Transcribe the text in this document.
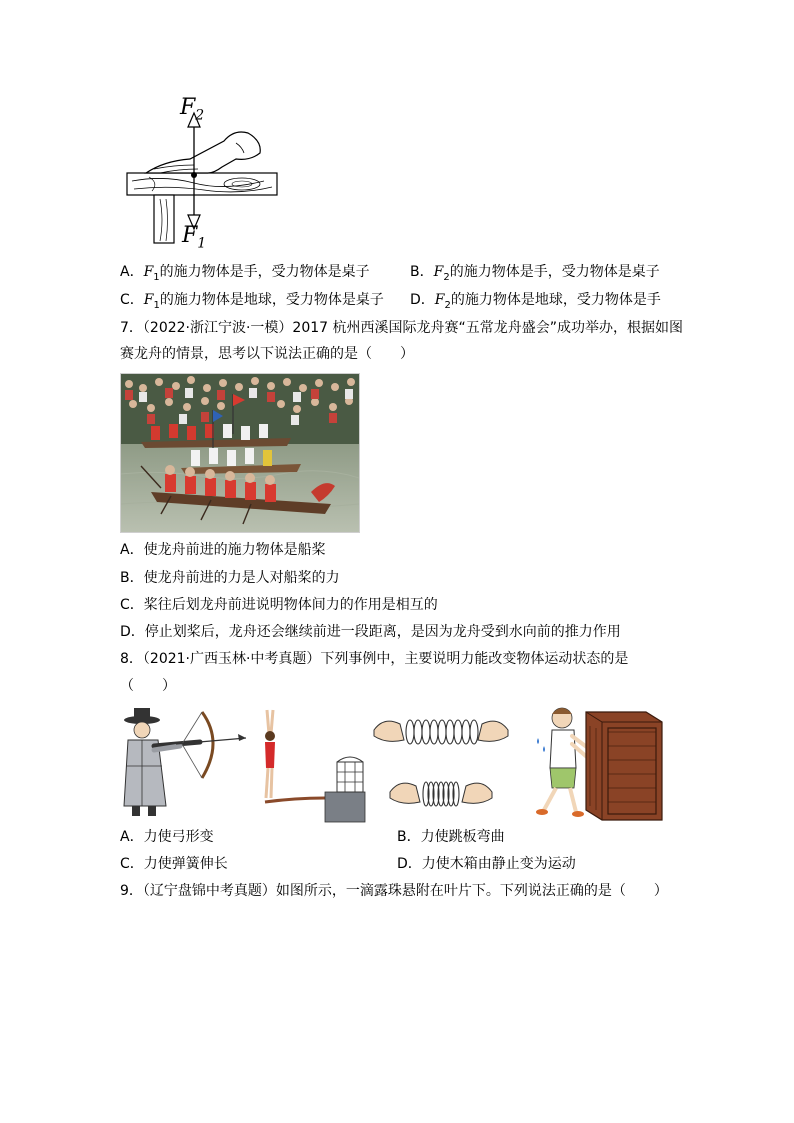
$F_2$
$F_1$
A．$F_1$的施力物体是手，受力物体是桌子	B．$F_2$的施力物体是手，受力物体是桌子
C．$F_1$的施力物体是地球，受力物体是桌子 D．$F_2$的施力物体是地球，受力物体是手
7．（2022·浙江宁波·一模）2017 杭州西溪国际龙舟赛“五常龙舟盛会”成功举办，根据如图
赛龙舟的情景，思考以下说法正确的是（　　）
A．使龙舟前进的施力物体是船桨
B．使龙舟前进的力是人对船桨的力
C．桨往后划龙舟前进说明物体间力的作用是相互的
D．停止划桨后，龙舟还会继续前进一段距离，是因为龙舟受到水向前的推力作用
8．（2021·广西玉林·中考真题）下列事例中，主要说明力能改变物体运动状态的是
（　　）
A．力使弓形变	B．力使跳板弯曲
C．力使弹簧伸长	D．力使木箱由静止变为运动
9．（辽宁盘锦中考真题）如图所示，一滴露珠悬附在叶片下。下列说法正确的是（　　）
